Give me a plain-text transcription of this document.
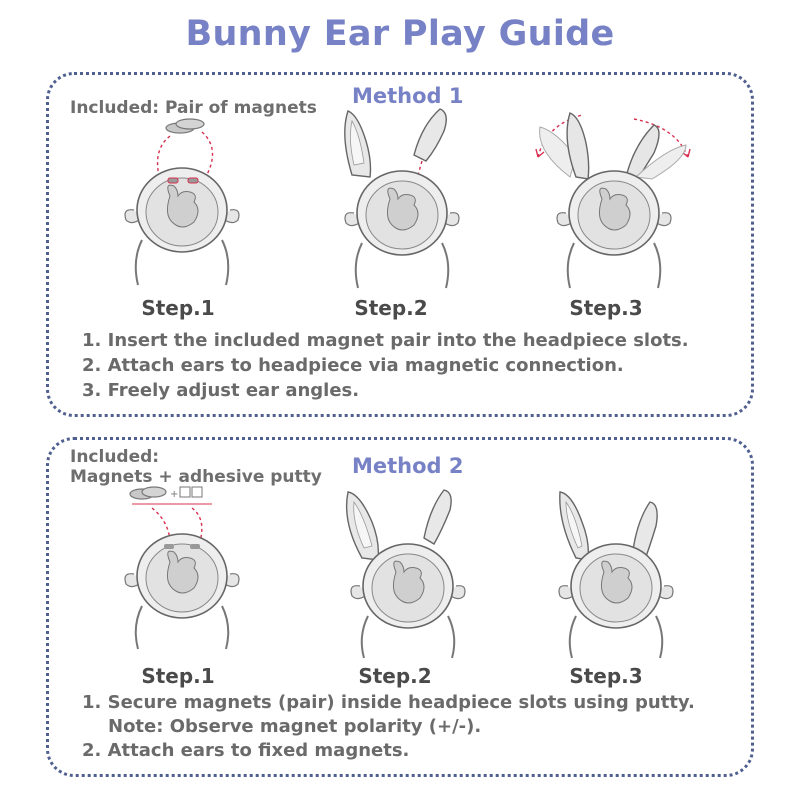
Bunny Ear Play Guide
Method 1
Included: Pair of magnets
Step.1	Step.2	Step.3
1. Insert the included magnet pair into the headpiece slots.
2. Attach ears to headpiece via magnetic connection.
3. Freely adjust ear angles.
Method 2
Included:
Magnets + adhesive putty
+
Step.1	Step.2	Step.3
1. Secure magnets (pair) inside headpiece slots using putty.
Note: Observe magnet polarity (+/-).
2. Attach ears to fixed magnets.
